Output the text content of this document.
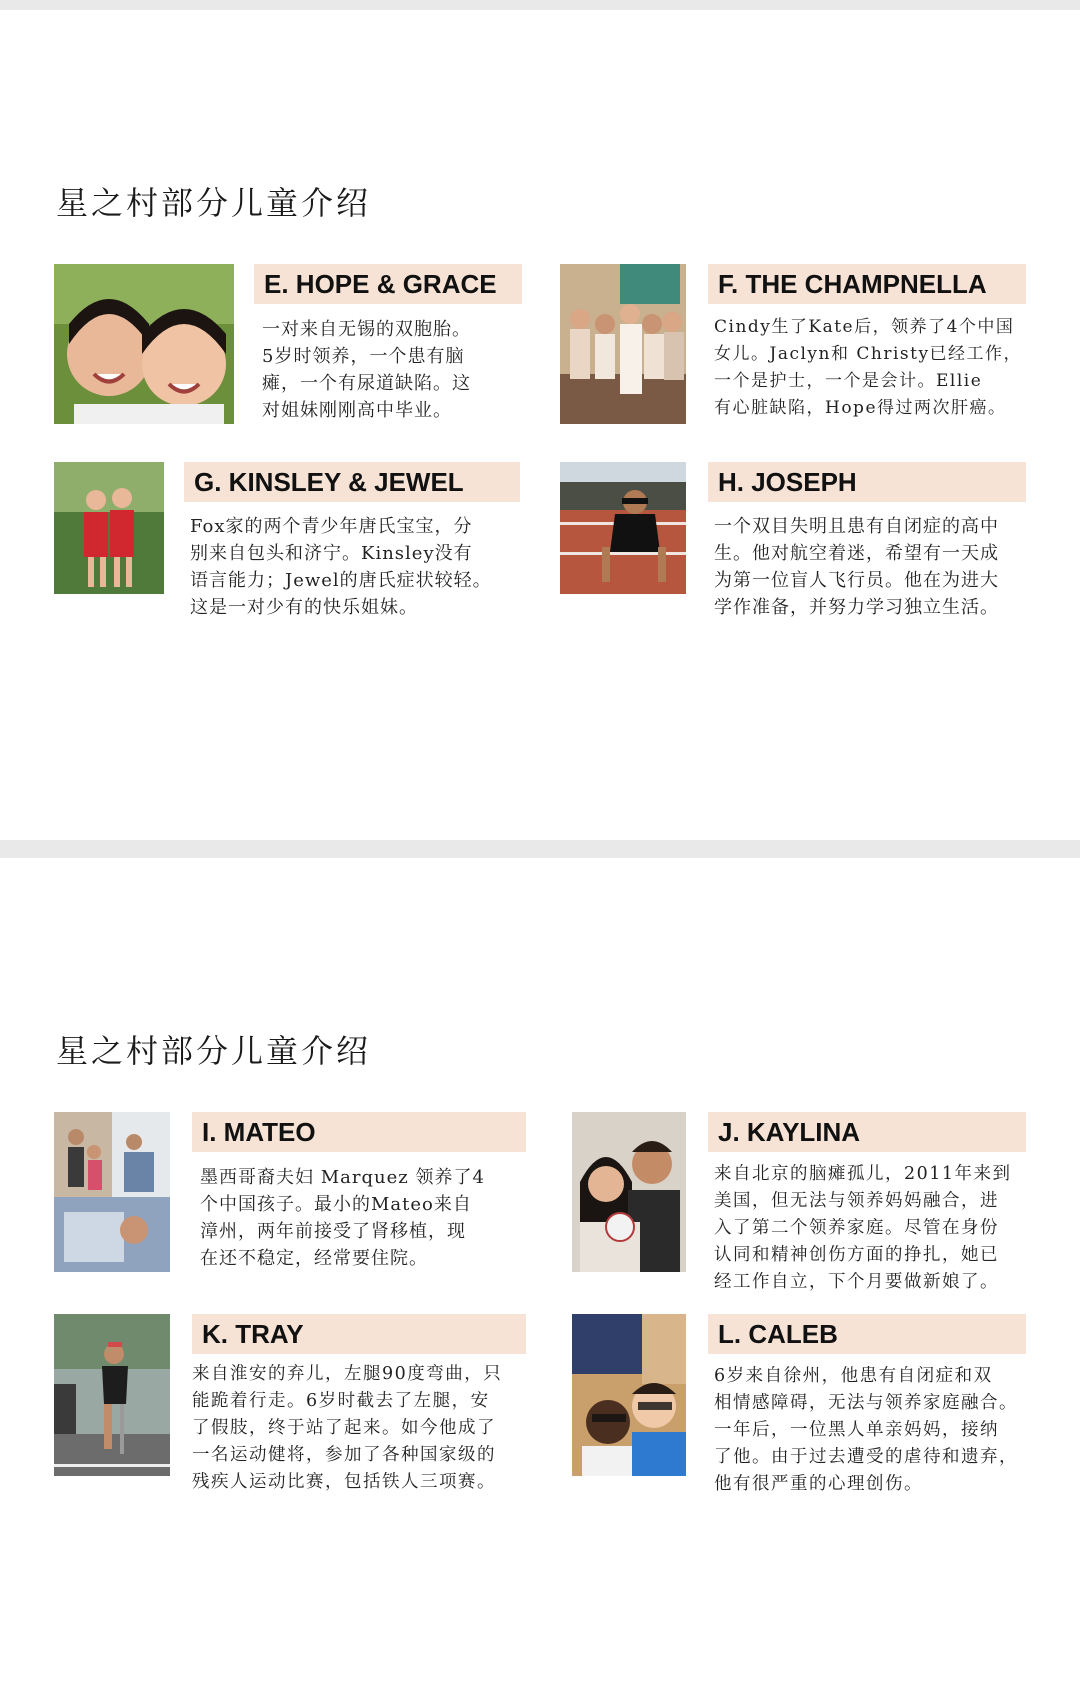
星之村部分儿童介绍
E. HOPE & GRACE
一对来自无锡的双胞胎。
5岁时领养，一个患有脑
瘫，一个有尿道缺陷。这
对姐妹刚刚高中毕业。
F. THE CHAMPNELLA
Cindy生了Kate后，领养了4个中国
女儿。Jaclyn和 Christy已经工作，
一个是护士，一个是会计。Ellie
有心脏缺陷，Hope得过两次肝癌。
G. KINSLEY & JEWEL
Fox家的两个青少年唐氏宝宝，分
别来自包头和济宁。Kinsley没有
语言能力；Jewel的唐氏症状较轻。
这是一对少有的快乐姐妹。
H. JOSEPH
一个双目失明且患有自闭症的高中
生。他对航空着迷，希望有一天成
为第一位盲人飞行员。他在为进大
学作准备，并努力学习独立生活。
星之村部分儿童介绍
I. MATEO
墨西哥裔夫妇 Marquez 领养了4
个中国孩子。最小的Mateo来自
漳州，两年前接受了肾移植，现
在还不稳定，经常要住院。
J. KAYLINA
来自北京的脑瘫孤儿，2011年来到
美国，但无法与领养妈妈融合，进
入了第二个领养家庭。尽管在身份
认同和精神创伤方面的挣扎，她已
经工作自立，下个月要做新娘了。
K. TRAY
来自淮安的弃儿，左腿90度弯曲，只
能跪着行走。6岁时截去了左腿，安
了假肢，终于站了起来。如今他成了
一名运动健将，参加了各种国家级的
残疾人运动比赛，包括铁人三项赛。
L. CALEB
6岁来自徐州，他患有自闭症和双
相情感障碍，无法与领养家庭融合。
一年后，一位黑人单亲妈妈，接纳
了他。由于过去遭受的虐待和遗弃，
他有很严重的心理创伤。
